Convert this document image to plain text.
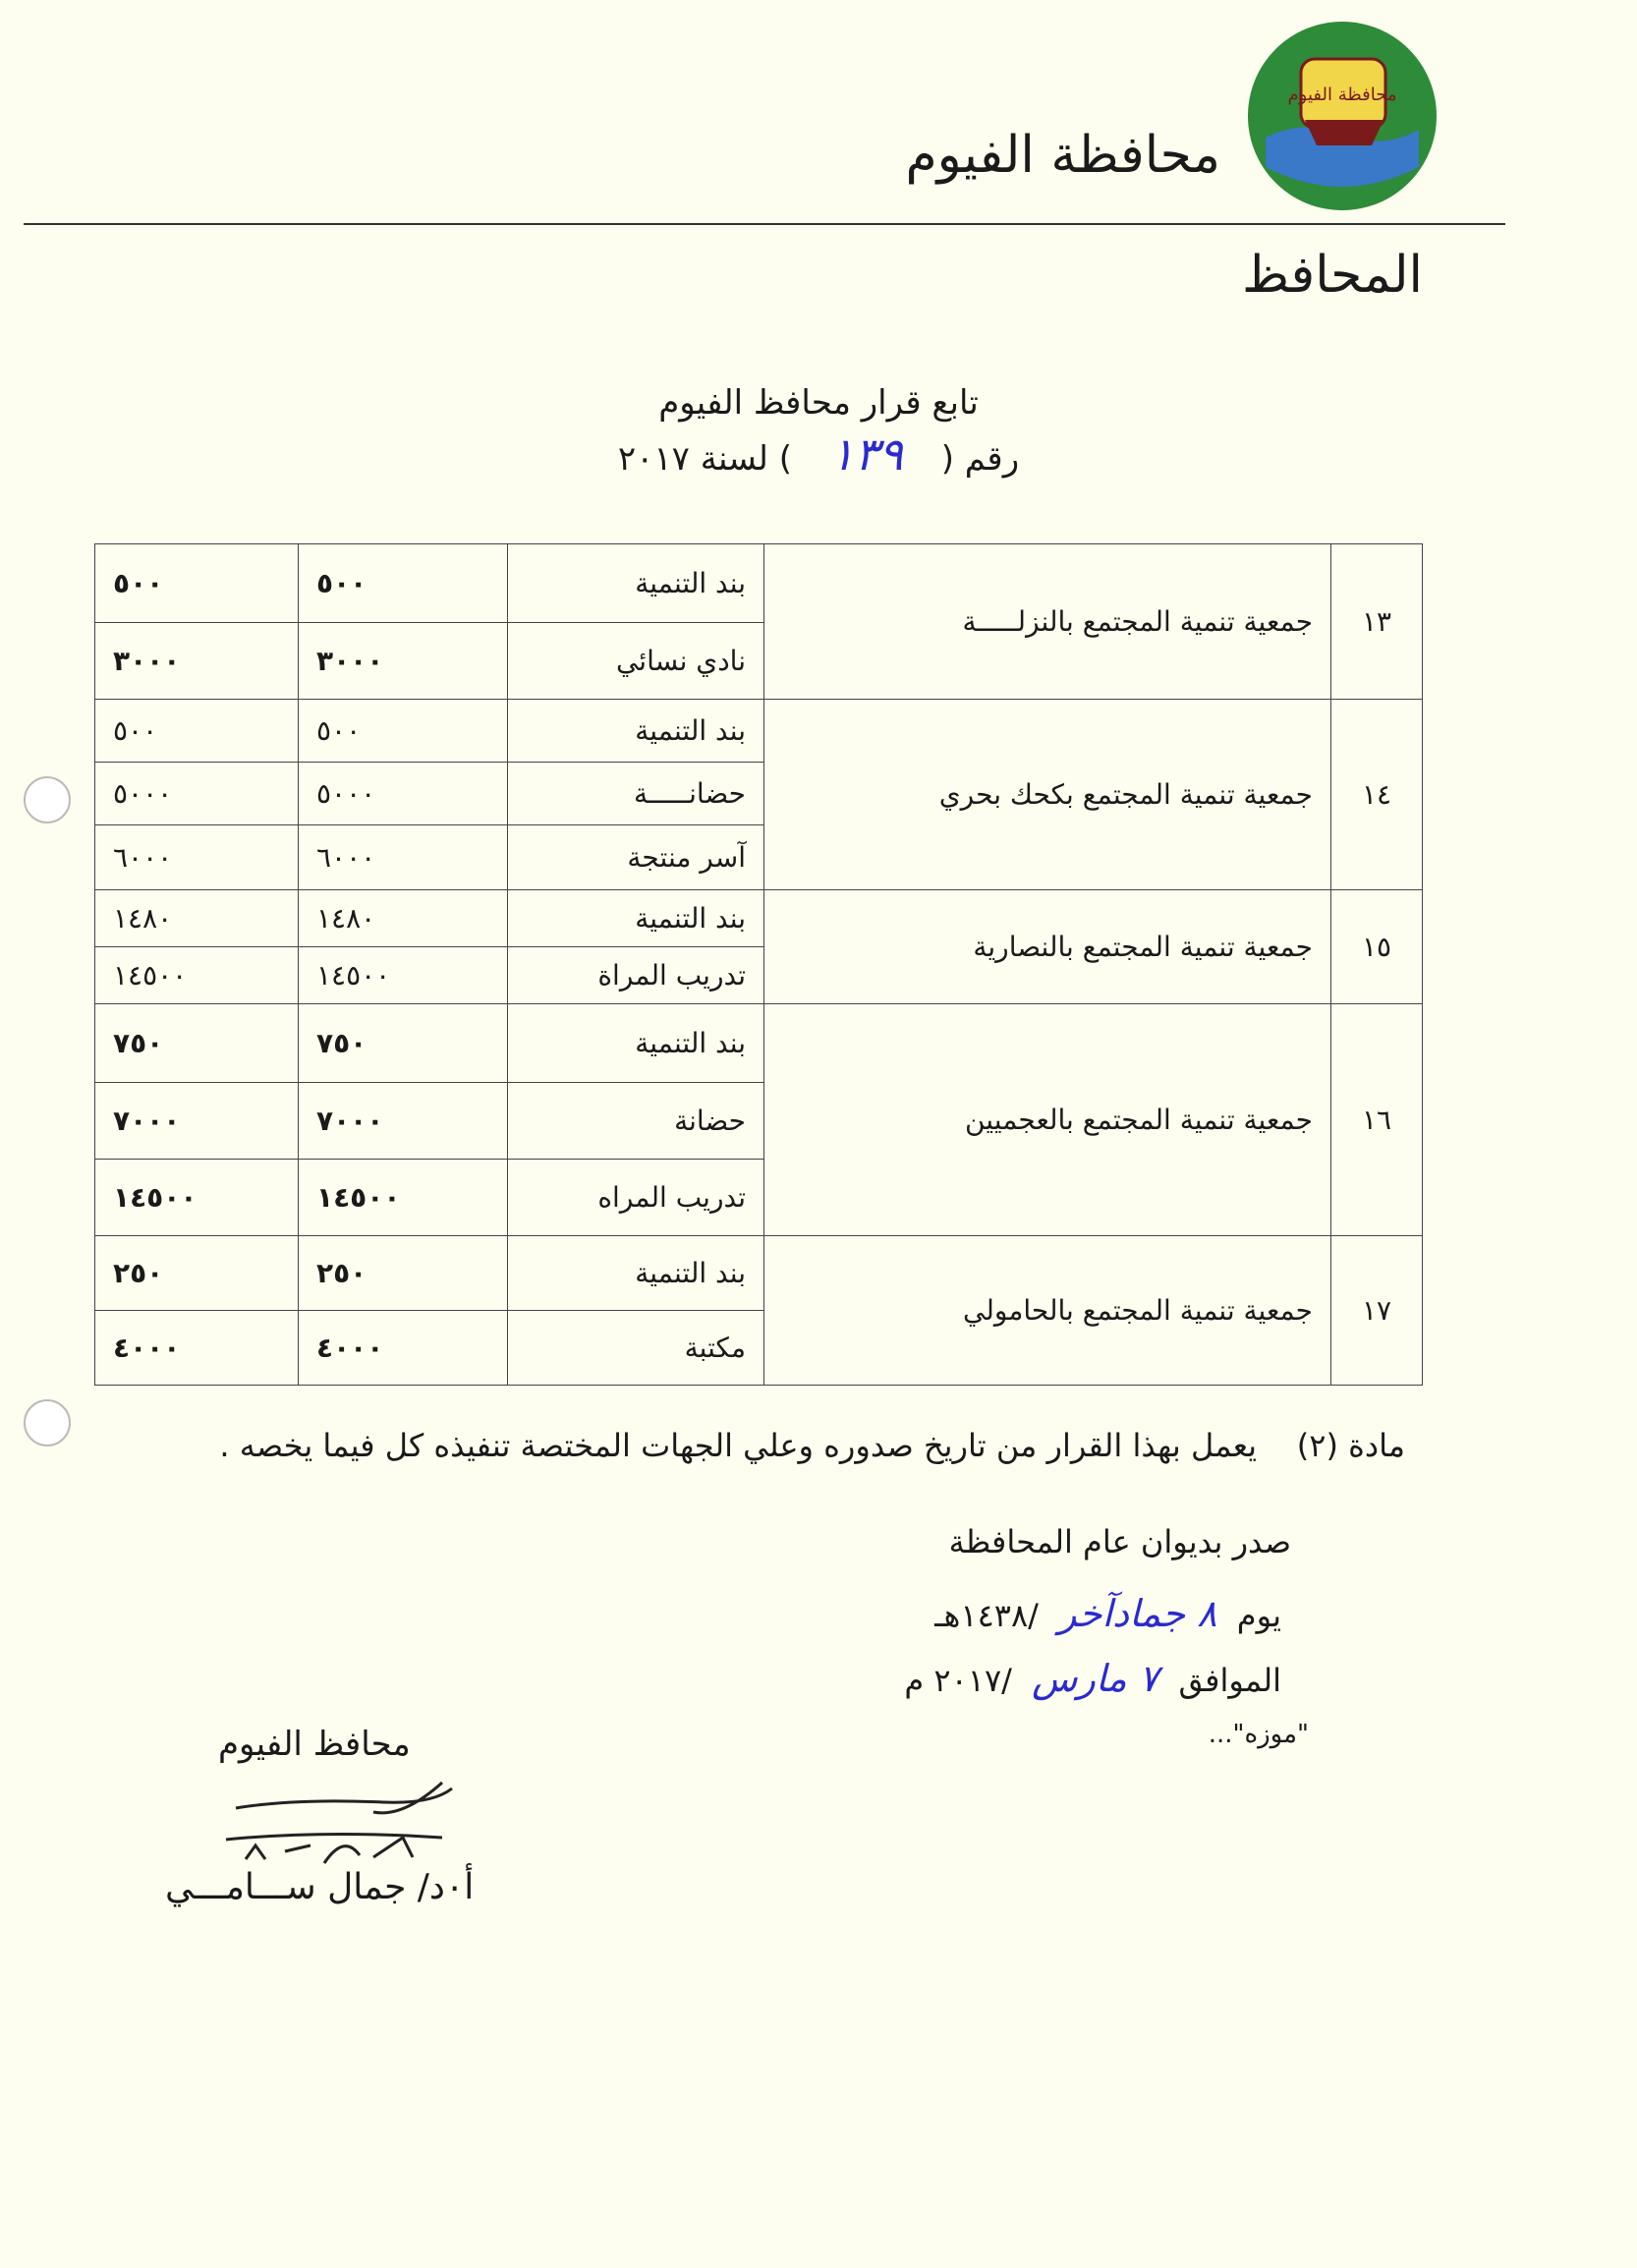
محافظة الفيوم
محافظة الفيوم
المحافظ
تابع قرار محافظ الفيوم
رقم ( ١٣٩ ) لسنة ٢٠١٧
١٣	جمعية تنمية المجتمع بالنزلـــــة	بند التنمية	٥٠٠	٥٠٠
		نادي نسائي	٣٠٠٠	٣٠٠٠
١٤	جمعية تنمية المجتمع بكحك بحري	بند التنمية	٥٠٠	٥٠٠
		حضانـــــة	٥٠٠٠	٥٠٠٠
		آسر منتجة	٦٠٠٠	٦٠٠٠
١٥	جمعية تنمية المجتمع بالنصارية	بند التنمية	١٤٨٠	١٤٨٠
		تدريب المراة	١٤٥٠٠	١٤٥٠٠
١٦	جمعية تنمية المجتمع بالعجميين	بند التنمية	٧٥٠	٧٥٠
		حضانة	٧٠٠٠	٧٠٠٠
		تدريب المراه	١٤٥٠٠	١٤٥٠٠
١٧	جمعية تنمية المجتمع بالحامولي	بند التنمية	٢٥٠	٢٥٠
		مكتبة	٤٠٠٠	٤٠٠٠
مادة (٢)    يعمل بهذا القرار من تاريخ صدوره وعلي الجهات المختصة تنفيذه كل فيما يخصه .
صدر بديوان عام المحافظة
يوم ٨ جمادآخر /١٤٣٨هـ
الموافق ٧ مارس /٢٠١٧ م
"موزه"...
محافظ الفيوم
أ٠د/ جمال ســـامـــي
